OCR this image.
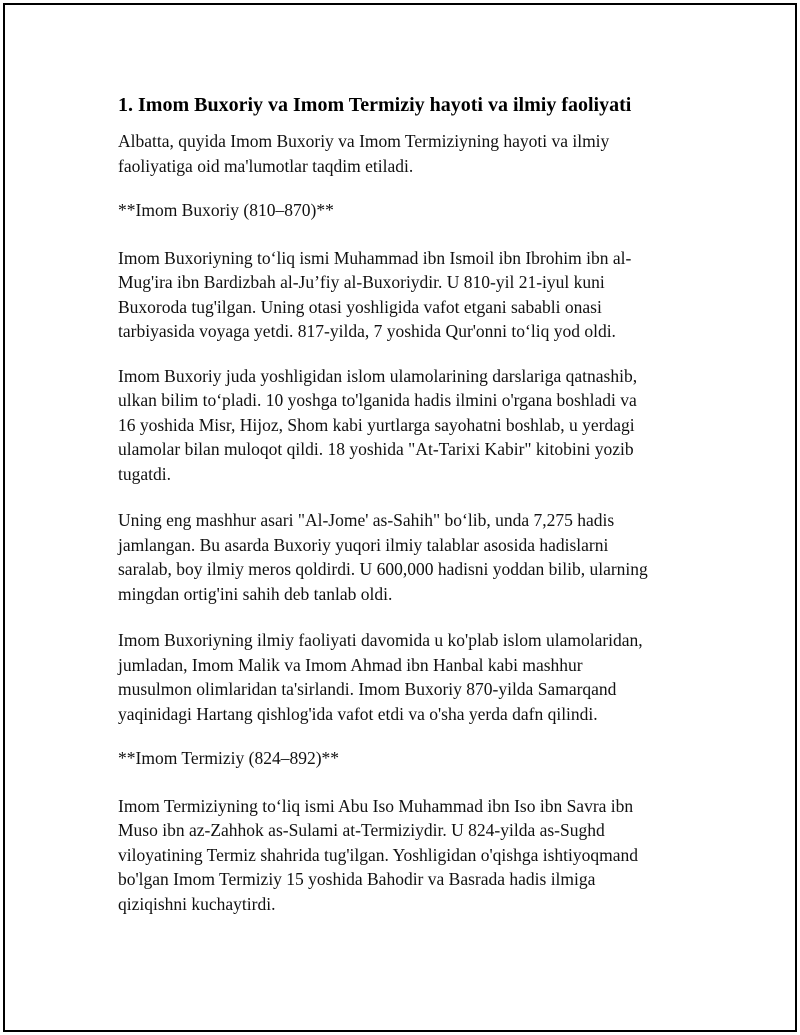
1. Imom Buxoriy va Imom Termiziy hayoti va ilmiy faoliyati

Albatta, quyida Imom Buxoriy va Imom Termiziyning hayoti va ilmiy
faoliyatiga oid ma'lumotlar taqdim etiladi.

**Imom Buxoriy (810–870)**

Imom Buxoriyning to‘liq ismi Muhammad ibn Ismoil ibn Ibrohim ibn al-
Mug'ira ibn Bardizbah al-Ju’fiy al-Buxoriydir. U 810-yil 21-iyul kuni
Buxoroda tug'ilgan. Uning otasi yoshligida vafot etgani sababli onasi
tarbiyasida voyaga yetdi. 817-yilda, 7 yoshida Qur'onni to‘liq yod oldi.

Imom Buxoriy juda yoshligidan islom ulamolarining darslariga qatnashib,
ulkan bilim to‘pladi. 10 yoshga to'lganida hadis ilmini o'rgana boshladi va
16 yoshida Misr, Hijoz, Shom kabi yurtlarga sayohatni boshlab, u yerdagi
ulamolar bilan muloqot qildi. 18 yoshida "At-Tarixi Kabir" kitobini yozib
tugatdi.

Uning eng mashhur asari "Al-Jome' as-Sahih" bo‘lib, unda 7,275 hadis
jamlangan. Bu asarda Buxoriy yuqori ilmiy talablar asosida hadislarni
saralab, boy ilmiy meros qoldirdi. U 600,000 hadisni yoddan bilib, ularning
mingdan ortig'ini sahih deb tanlab oldi.

Imom Buxoriyning ilmiy faoliyati davomida u ko'plab islom ulamolaridan,
jumladan, Imom Malik va Imom Ahmad ibn Hanbal kabi mashhur
musulmon olimlaridan ta'sirlandi. Imom Buxoriy 870-yilda Samarqand
yaqinidagi Hartang qishlog'ida vafot etdi va o'sha yerda dafn qilindi.

**Imom Termiziy (824–892)**

Imom Termiziyning to‘liq ismi Abu Iso Muhammad ibn Iso ibn Savra ibn
Muso ibn az-Zahhok as-Sulami at-Termiziydir. U 824-yilda as-Sughd
viloyatining Termiz shahrida tug'ilgan. Yoshligidan o'qishga ishtiyoqmand
bo'lgan Imom Termiziy 15 yoshida Bahodir va Basrada hadis ilmiga
qiziqishni kuchaytirdi.
